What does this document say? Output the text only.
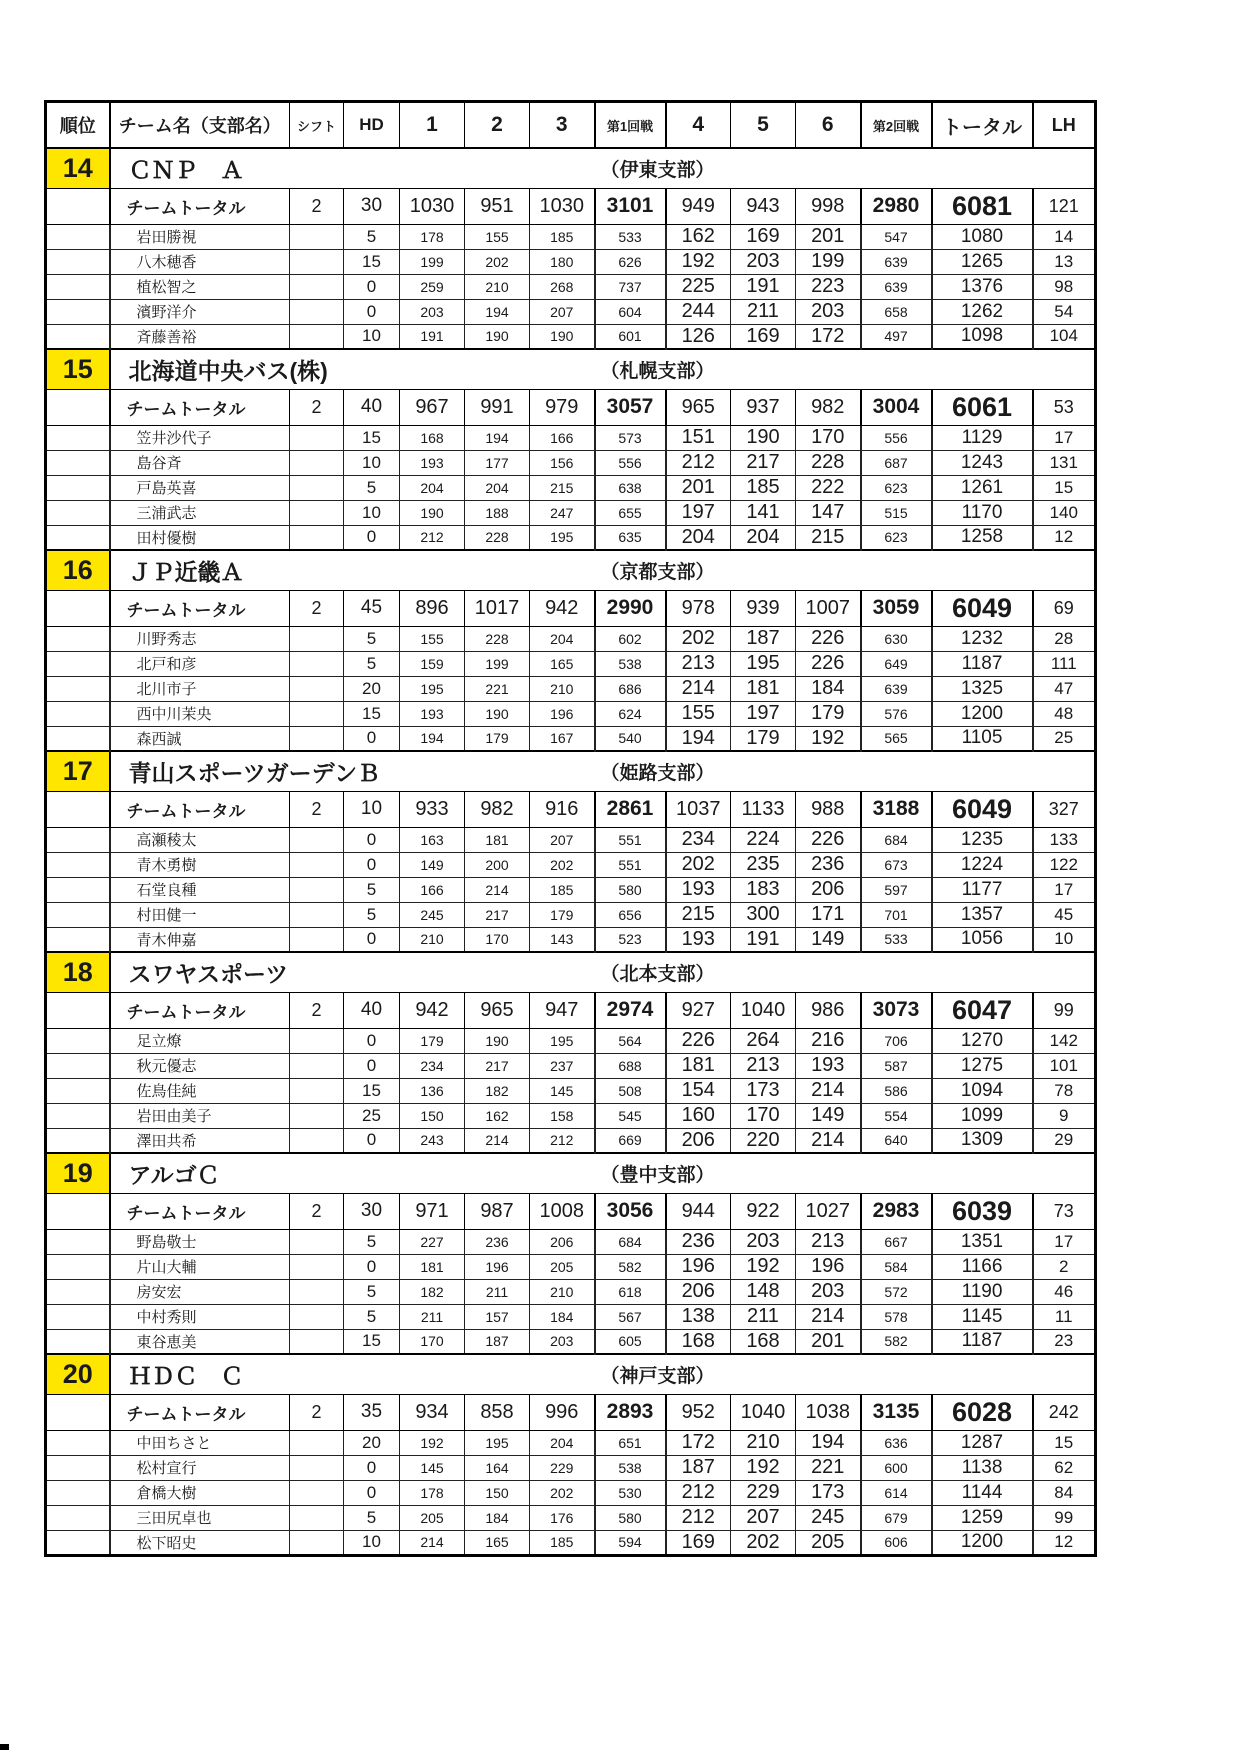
順位	チーム名（支部名）	シフト	HD	1	2	3	第1回戦	4	5	6	第2回戦	トータル	LH
14	ＣＮＰ　Ａ						（伊東支部）						
	チームトータル	2	30	1030	951	1030	3101	949	943	998	2980	6081	121
	岩田勝視		5	178	155	185	533	162	169	201	547	1080	14
	八木穂香		15	199	202	180	626	192	203	199	639	1265	13
	植松智之		0	259	210	268	737	225	191	223	639	1376	98
	濱野洋介		0	203	194	207	604	244	211	203	658	1262	54
	斉藤善裕		10	191	190	190	601	126	169	172	497	1098	104
15	北海道中央バス(株)						（札幌支部）						
	チームトータル	2	40	967	991	979	3057	965	937	982	3004	6061	53
	笠井沙代子		15	168	194	166	573	151	190	170	556	1129	17
	島谷斉		10	193	177	156	556	212	217	228	687	1243	131
	戸島英喜		5	204	204	215	638	201	185	222	623	1261	15
	三浦武志		10	190	188	247	655	197	141	147	515	1170	140
	田村優樹		0	212	228	195	635	204	204	215	623	1258	12
16	ＪＰ近畿Ａ						（京都支部）						
	チームトータル	2	45	896	1017	942	2990	978	939	1007	3059	6049	69
	川野秀志		5	155	228	204	602	202	187	226	630	1232	28
	北戸和彦		5	159	199	165	538	213	195	226	649	1187	111
	北川市子		20	195	221	210	686	214	181	184	639	1325	47
	西中川茉央		15	193	190	196	624	155	197	179	576	1200	48
	森西誠		0	194	179	167	540	194	179	192	565	1105	25
17	青山スポーツガーデンＢ						（姫路支部）						
	チームトータル	2	10	933	982	916	2861	1037	1133	988	3188	6049	327
	高瀬稜太		0	163	181	207	551	234	224	226	684	1235	133
	青木勇樹		0	149	200	202	551	202	235	236	673	1224	122
	石堂良種		5	166	214	185	580	193	183	206	597	1177	17
	村田健一		5	245	217	179	656	215	300	171	701	1357	45
	青木伸嘉		0	210	170	143	523	193	191	149	533	1056	10
18	スワヤスポーツ						（北本支部）						
	チームトータル	2	40	942	965	947	2974	927	1040	986	3073	6047	99
	足立燎		0	179	190	195	564	226	264	216	706	1270	142
	秋元優志		0	234	217	237	688	181	213	193	587	1275	101
	佐鳥佳純		15	136	182	145	508	154	173	214	586	1094	78
	岩田由美子		25	150	162	158	545	160	170	149	554	1099	9
	澤田共希		0	243	214	212	669	206	220	214	640	1309	29
19	アルゴＣ						（豊中支部）						
	チームトータル	2	30	971	987	1008	3056	944	922	1027	2983	6039	73
	野島敬士		5	227	236	206	684	236	203	213	667	1351	17
	片山大輔		0	181	196	205	582	196	192	196	584	1166	2
	房安宏		5	182	211	210	618	206	148	203	572	1190	46
	中村秀則		5	211	157	184	567	138	211	214	578	1145	11
	東谷恵美		15	170	187	203	605	168	168	201	582	1187	23
20	ＨＤＣ　Ｃ						（神戸支部）						
	チームトータル	2	35	934	858	996	2893	952	1040	1038	3135	6028	242
	中田ちさと		20	192	195	204	651	172	210	194	636	1287	15
	松村宣行		0	145	164	229	538	187	192	221	600	1138	62
	倉橋大樹		0	178	150	202	530	212	229	173	614	1144	84
	三田尻卓也		5	205	184	176	580	212	207	245	679	1259	99
	松下昭史		10	214	165	185	594	169	202	205	606	1200	12
